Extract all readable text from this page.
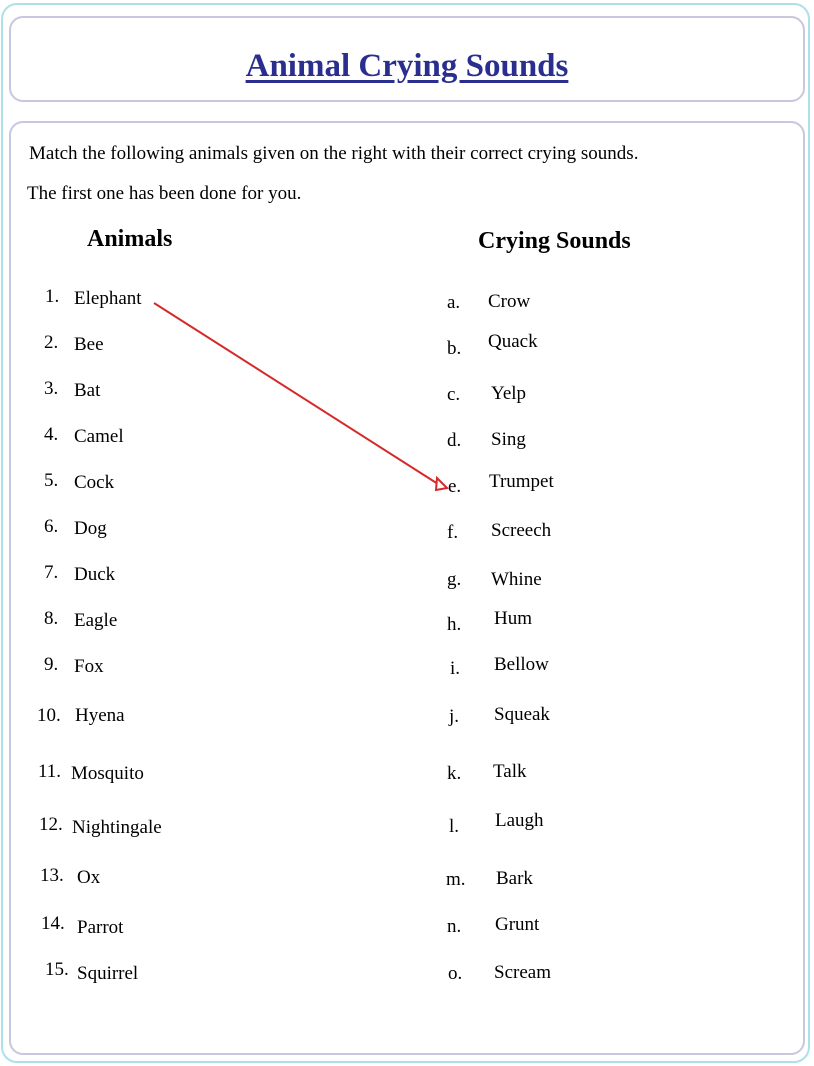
Animal Crying Sounds
Match the following animals given on the right with their correct crying sounds.
The first one has been done for you.
Animals	Crying Sounds
1. Elephant
2. Bee
3. Bat
4. Camel
5. Cock
6. Dog
7. Duck
8. Eagle
9. Fox
10. Hyena
11. Mosquito
12. Nightingale
13. Ox
14. Parrot
15. Squirrel
a. Crow
b. Quack
c. Yelp
d. Sing
e. Trumpet
f. Screech
g. Whine
h. Hum
i. Bellow
j. Squeak
k. Talk
l. Laugh
m. Bark
n. Grunt
o. Scream
